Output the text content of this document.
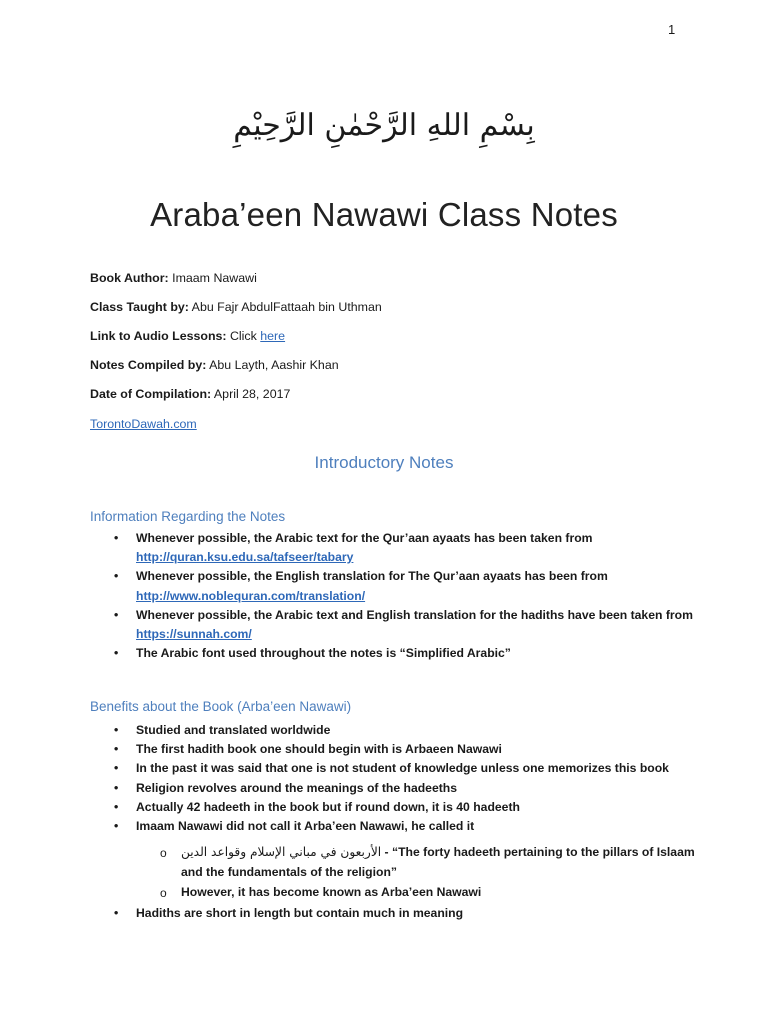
1
بِسْمِ اللهِ الرَّحْمٰنِ الرَّحِيْمِ
Araba’een Nawawi Class Notes
Book Author: Imaam Nawawi
Class Taught by: Abu Fajr AbdulFattaah bin Uthman
Link to Audio Lessons: Click here
Notes Compiled by: Abu Layth, Aashir Khan
Date of Compilation: April 28, 2017
TorontoDawah.com
Introductory Notes
Information Regarding the Notes
• Whenever possible, the Arabic text for the Qur’aan ayaats has been taken from
http://quran.ksu.edu.sa/tafseer/tabary
• Whenever possible, the English translation for The Qur’aan ayaats has been from
http://www.noblequran.com/translation/
• Whenever possible, the Arabic text and English translation for the hadiths have been taken from
https://sunnah.com/
• The Arabic font used throughout the notes is “Simplified Arabic”
Benefits about the Book (Arba’een Nawawi)
• Studied and translated worldwide
• The first hadith book one should begin with is Arbaeen Nawawi
• In the past it was said that one is not student of knowledge unless one memorizes this book
• Religion revolves around the meanings of the hadeeths
• Actually 42 hadeeth in the book but if round down, it is 40 hadeeth
• Imaam Nawawi did not call it Arba’een Nawawi, he called it
o الأربعون في مباني الإسلام وقواعد الدين - “The forty hadeeth pertaining to the pillars of Islaam
and the fundamentals of the religion”
o However, it has become known as Arba’een Nawawi
• Hadiths are short in length but contain much in meaning
